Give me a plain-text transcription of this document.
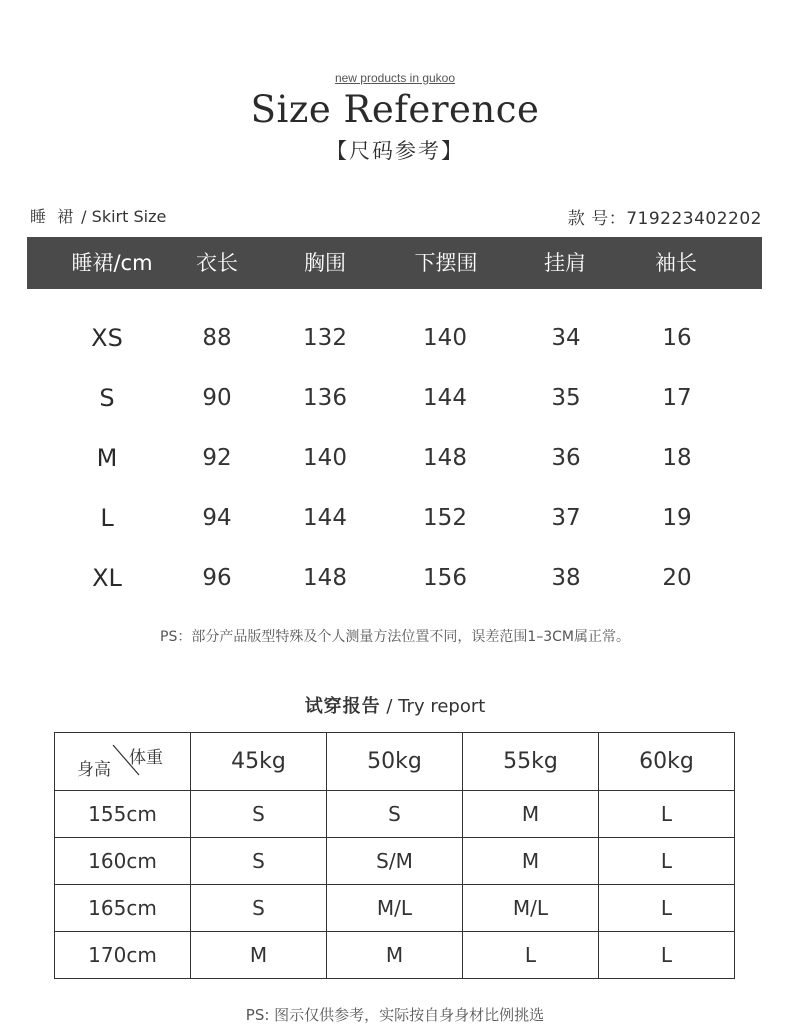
new products in gukoo
Size Reference
【尺码参考】
睡 裙 / Skirt Size	款 号：719223402202
睡裙/cm 衣长	胸围	下摆围	挂肩	袖长
XS	88	132	140	34	16
S	90	136	144	35	17
M	92	140	148	36	18
L	94	144	152	37	19
XL	96	148	156	38	20
PS：部分产品版型特殊及个人测量方法位置不同，误差范围1–3CM属正常。
试穿报告 / Try report
身高
体重	45kg	50kg	55kg	60kg
155cm	S	S	M	L
160cm	S	S/M	M	L
165cm	S	M/L	M/L	L
170cm	M	M	L	L
PS: 图示仅供参考，实际按自身身材比例挑选
